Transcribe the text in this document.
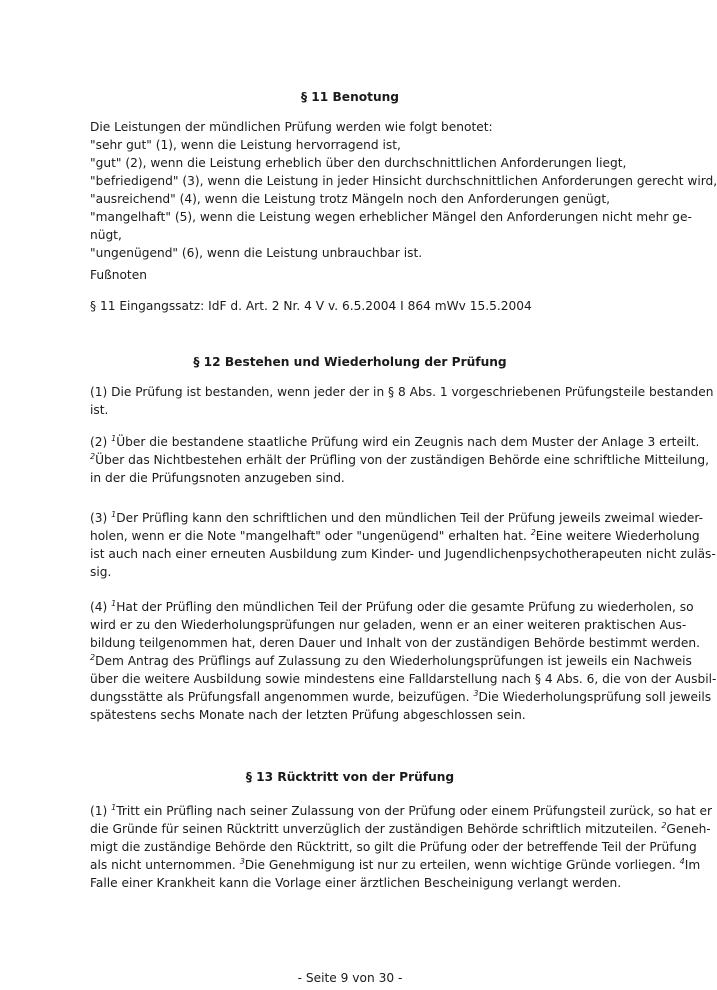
§ 11 Benotung
Die Leistungen der mündlichen Prüfung werden wie folgt benotet:
"sehr gut" (1), wenn die Leistung hervorragend ist,
"gut" (2), wenn die Leistung erheblich über den durchschnittlichen Anforderungen liegt,
"befriedigend" (3), wenn die Leistung in jeder Hinsicht durchschnittlichen Anforderungen gerecht wird,
"ausreichend" (4), wenn die Leistung trotz Mängeln noch den Anforderungen genügt,
"mangelhaft" (5), wenn die Leistung wegen erheblicher Mängel den Anforderungen nicht mehr ge-
nügt,
"ungenügend" (6), wenn die Leistung unbrauchbar ist.
Fußnoten
§ 11 Eingangssatz: IdF d. Art. 2 Nr. 4 V v. 6.5.2004 I 864 mWv 15.5.2004
§ 12 Bestehen und Wiederholung der Prüfung
(1) Die Prüfung ist bestanden, wenn jeder der in § 8 Abs. 1 vorgeschriebenen Prüfungsteile bestanden
ist.
(2) $^1$Über die bestandene staatliche Prüfung wird ein Zeugnis nach dem Muster der Anlage 3 erteilt.
$^2$Über das Nichtbestehen erhält der Prüfling von der zuständigen Behörde eine schriftliche Mitteilung,
in der die Prüfungsnoten anzugeben sind.
(3) $^1$Der Prüfling kann den schriftlichen und den mündlichen Teil der Prüfung jeweils zweimal wieder-
holen, wenn er die Note "mangelhaft" oder "ungenügend" erhalten hat. $^2$Eine weitere Wiederholung
ist auch nach einer erneuten Ausbildung zum Kinder- und Jugendlichenpsychotherapeuten nicht zuläs-
sig.
(4) $^1$Hat der Prüfling den mündlichen Teil der Prüfung oder die gesamte Prüfung zu wiederholen, so
wird er zu den Wiederholungsprüfungen nur geladen, wenn er an einer weiteren praktischen Aus-
bildung teilgenommen hat, deren Dauer und Inhalt von der zuständigen Behörde bestimmt werden.
$^2$Dem Antrag des Prüflings auf Zulassung zu den Wiederholungsprüfungen ist jeweils ein Nachweis
über die weitere Ausbildung sowie mindestens eine Falldarstellung nach § 4 Abs. 6, die von der Ausbil-
dungsstätte als Prüfungsfall angenommen wurde, beizufügen. $^3$Die Wiederholungsprüfung soll jeweils
spätestens sechs Monate nach der letzten Prüfung abgeschlossen sein.
§ 13 Rücktritt von der Prüfung
(1) $^1$Tritt ein Prüfling nach seiner Zulassung von der Prüfung oder einem Prüfungsteil zurück, so hat er
die Gründe für seinen Rücktritt unverzüglich der zuständigen Behörde schriftlich mitzuteilen. $^2$Geneh-
migt die zuständige Behörde den Rücktritt, so gilt die Prüfung oder der betreffende Teil der Prüfung
als nicht unternommen. $^3$Die Genehmigung ist nur zu erteilen, wenn wichtige Gründe vorliegen. $^4$Im
Falle einer Krankheit kann die Vorlage einer ärztlichen Bescheinigung verlangt werden.
- Seite 9 von 30 -
